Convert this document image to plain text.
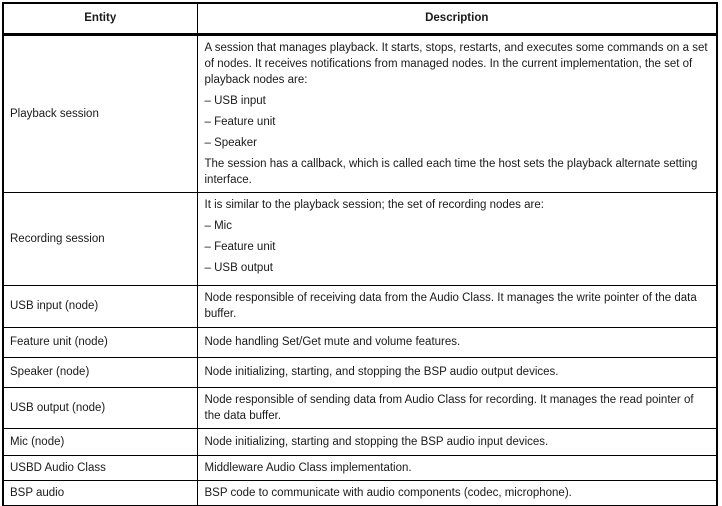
Entity	Description
Playback session	A session that manages playback. It starts, stops, restarts, and executes some commands on a set of nodes. It receives notifications from managed nodes. In the current implementation, the set of playback nodes are:

– USB input

– Feature unit

– Speaker

The session has a callback, which is called each time the host sets the playback alternate setting interface.

Recording session	It is similar to the playback session; the set of recording nodes are:

– Mic

– Feature unit

– USB output

USB input (node)	Node responsible of receiving data from the Audio Class. It manages the write pointer of the data buffer.

Feature unit (node)	Node handling Set/Get mute and volume features.

Speaker (node)	Node initializing, starting, and stopping the BSP audio output devices.

USB output (node)	Node responsible of sending data from Audio Class for recording. It manages the read pointer of the data buffer.

Mic (node)	Node initializing, starting and stopping the BSP audio input devices.

USBD Audio Class	Middleware Audio Class implementation.

BSP audio	BSP code to communicate with audio components (codec, microphone).
